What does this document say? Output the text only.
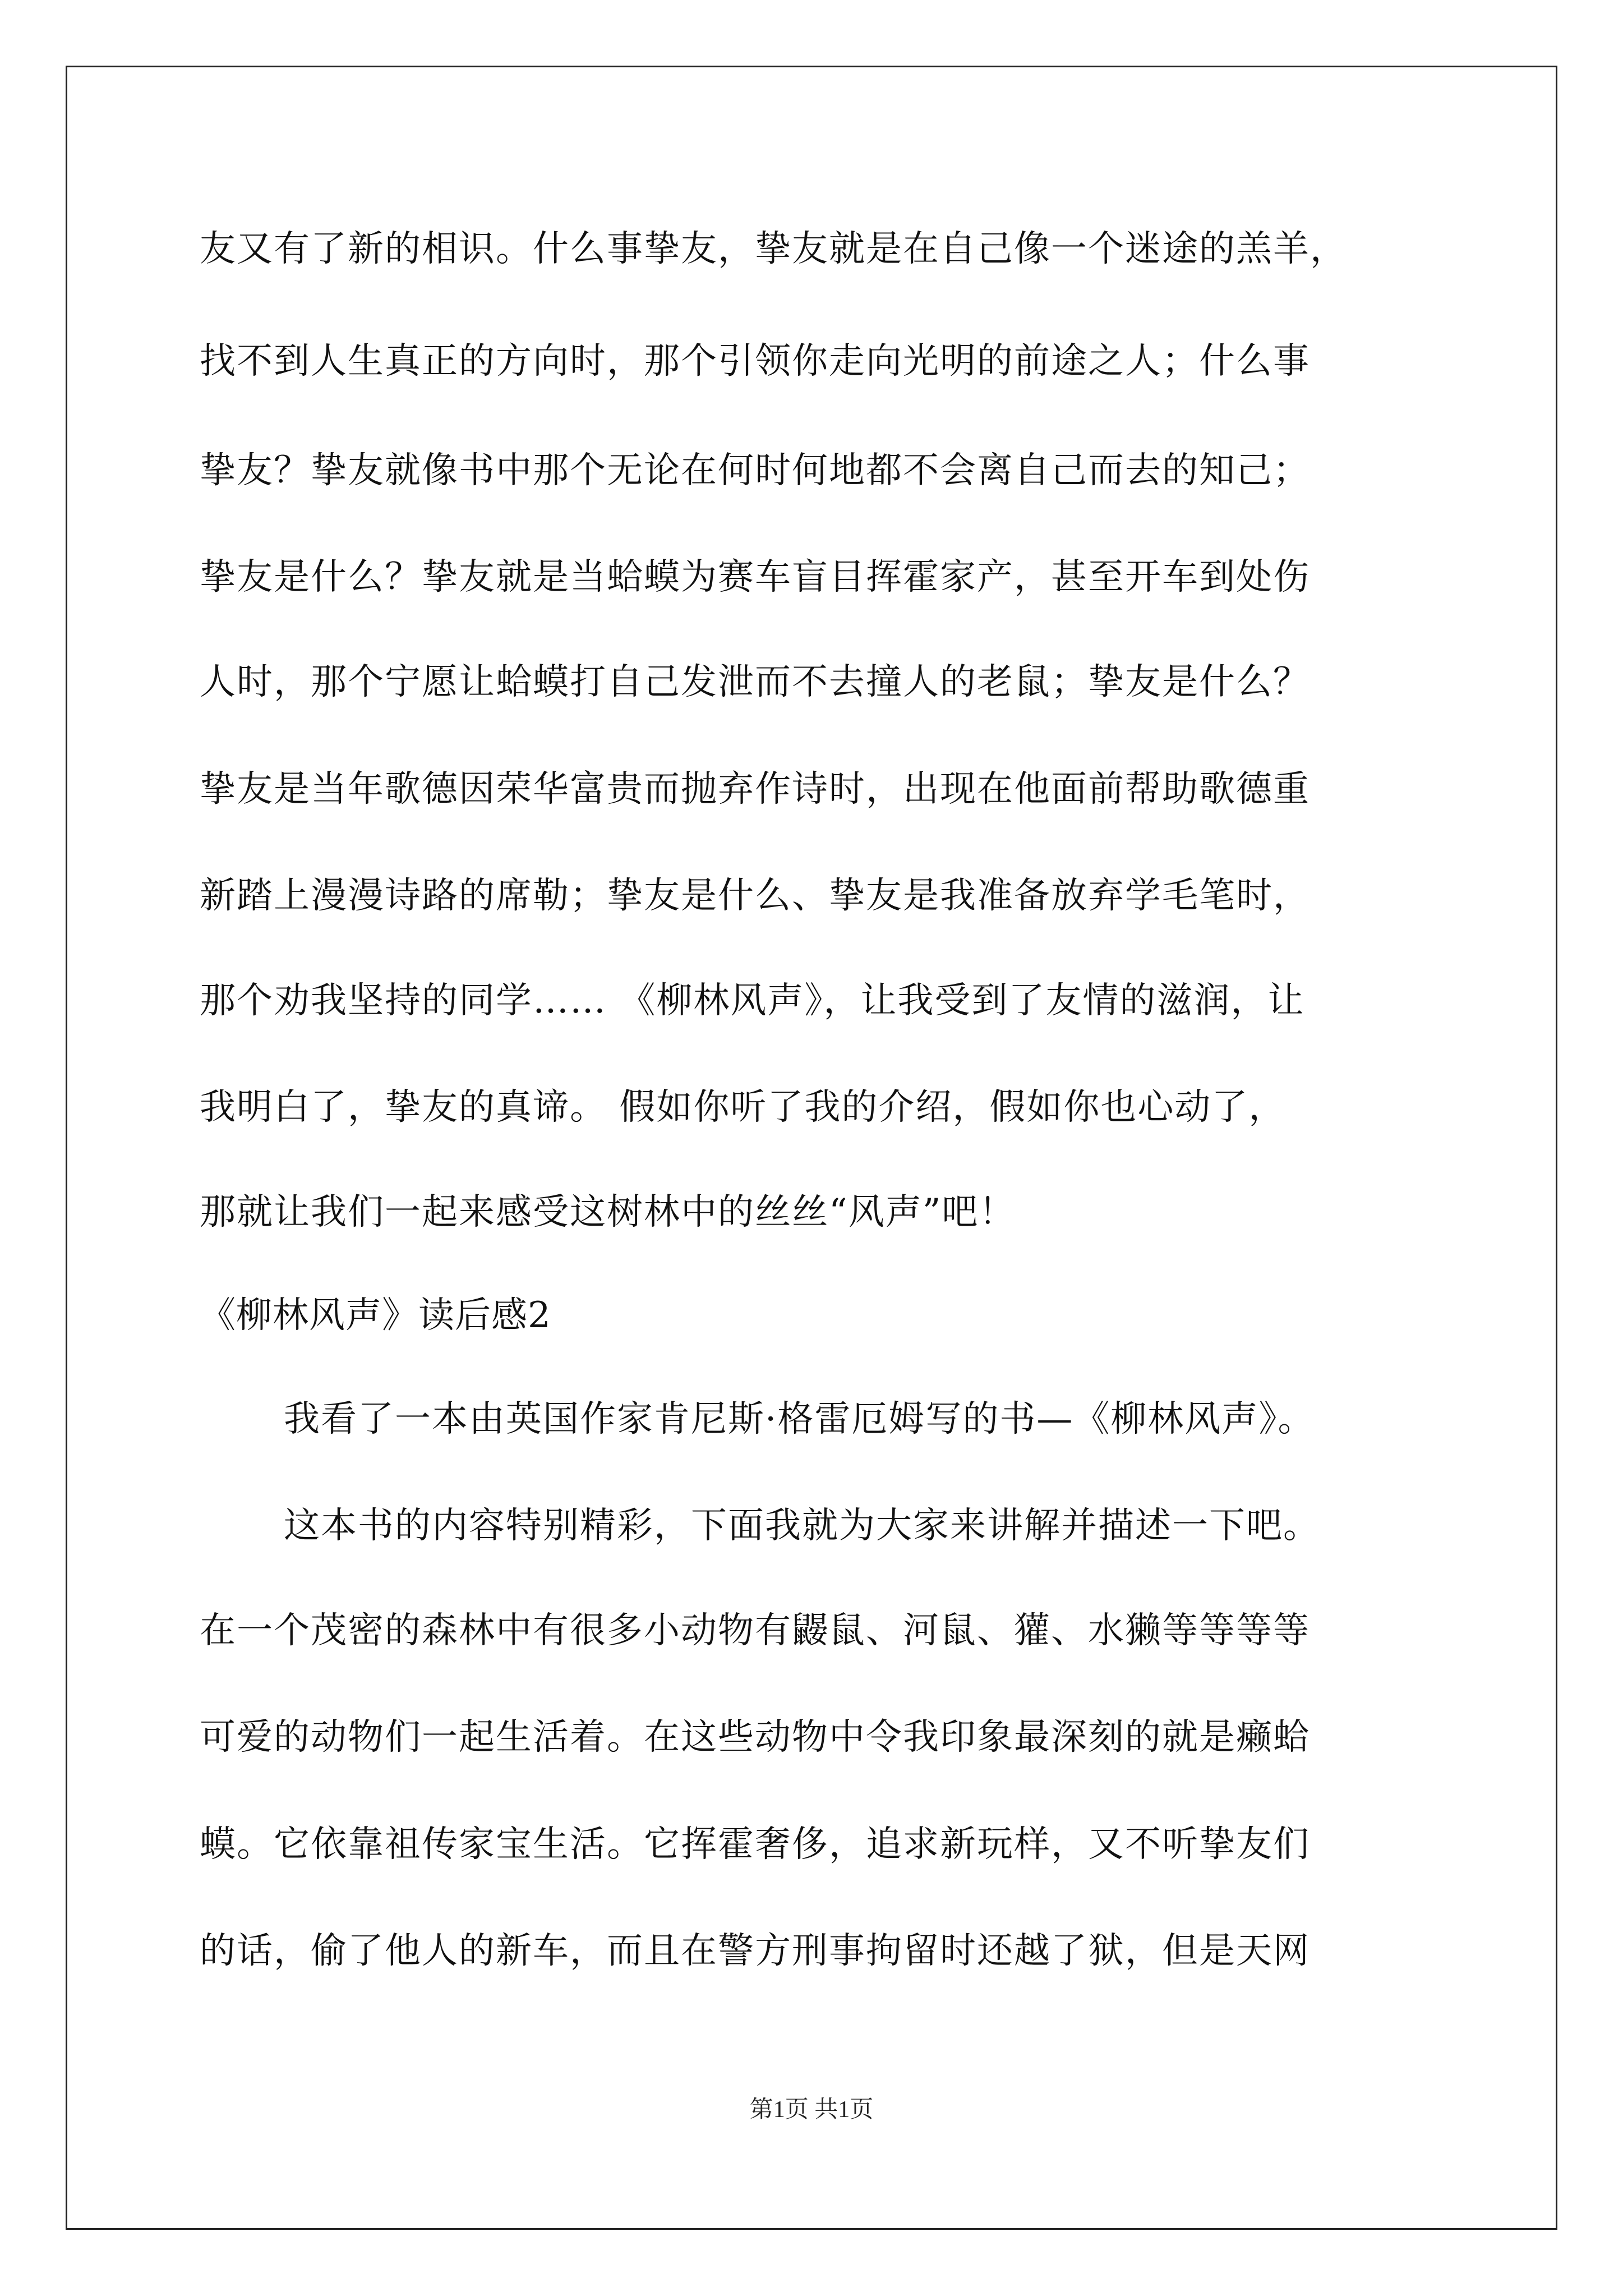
友又有了新的相识。什么事挚友，挚友就是在自己像一个迷途的羔羊，
找不到人生真正的方向时，那个引领你走向光明的前途之人；什么事
挚友？挚友就像书中那个无论在何时何地都不会离自己而去的知己；
挚友是什么？挚友就是当蛤蟆为赛车盲目挥霍家产，甚至开车到处伤
人时，那个宁愿让蛤蟆打自己发泄而不去撞人的老鼠；挚友是什么？
挚友是当年歌德因荣华富贵而抛弃作诗时，出现在他面前帮助歌德重
新踏上漫漫诗路的席勒；挚友是什么、挚友是我准备放弃学毛笔时，
那个劝我坚持的同学…… 《柳林风声》，让我受到了友情的滋润，让
我明白了，挚友的真谛。 假如你听了我的介绍，假如你也心动了，
那就让我们一起来感受这树林中的丝丝“风声”吧！
《柳林风声》读后感2
我看了一本由英国作家肯尼斯·格雷厄姆写的书—《柳林风声》。
这本书的内容特别精彩，下面我就为大家来讲解并描述一下吧。
在一个茂密的森林中有很多小动物有鼹鼠、河鼠、獾、水獭等等等等
可爱的动物们一起生活着。在这些动物中令我印象最深刻的就是癞蛤
蟆。它依靠祖传家宝生活。它挥霍奢侈，追求新玩样，又不听挚友们
的话，偷了他人的新车，而且在警方刑事拘留时还越了狱，但是天网
第1页 共1页
